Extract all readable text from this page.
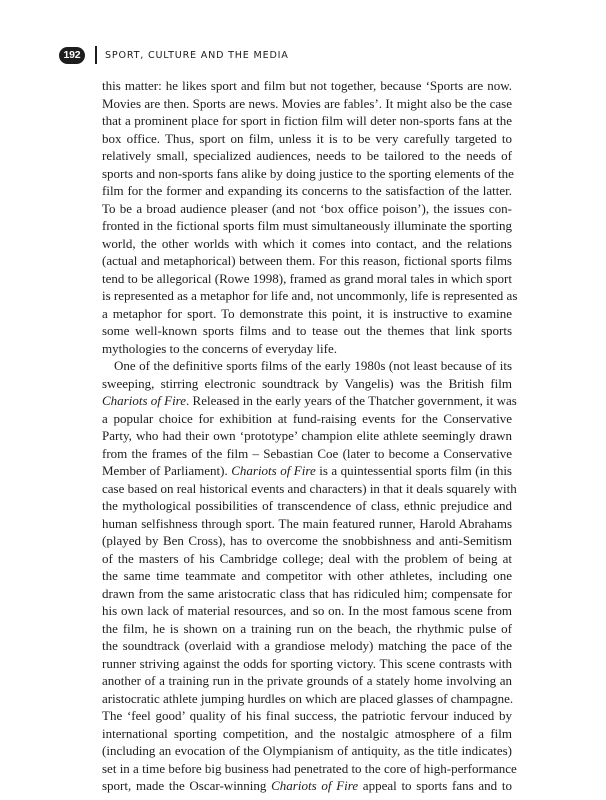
192	SPORT, CULTURE AND THE MEDIA
this matter: he likes sport and film but not together, because ‘Sports are now.
Movies are then. Sports are news. Movies are fables’. It might also be the case
that a prominent place for sport in fiction film will deter non-sports fans at the
box office. Thus, sport on film, unless it is to be very carefully targeted to
relatively small, specialized audiences, needs to be tailored to the needs of
sports and non-sports fans alike by doing justice to the sporting elements of the
film for the former and expanding its concerns to the satisfaction of the latter.
To be a broad audience pleaser (and not ‘box office poison’), the issues con-
fronted in the fictional sports film must simultaneously illuminate the sporting
world, the other worlds with which it comes into contact, and the relations
(actual and metaphorical) between them. For this reason, fictional sports films
tend to be allegorical (Rowe 1998), framed as grand moral tales in which sport
is represented as a metaphor for life and, not uncommonly, life is represented as
a metaphor for sport. To demonstrate this point, it is instructive to examine
some well-known sports films and to tease out the themes that link sports
mythologies to the concerns of everyday life.
One of the definitive sports films of the early 1980s (not least because of its
sweeping, stirring electronic soundtrack by Vangelis) was the British film
Chariots of Fire. Released in the early years of the Thatcher government, it was
a popular choice for exhibition at fund-raising events for the Conservative
Party, who had their own ‘prototype’ champion elite athlete seemingly drawn
from the frames of the film – Sebastian Coe (later to become a Conservative
Member of Parliament). Chariots of Fire is a quintessential sports film (in this
case based on real historical events and characters) in that it deals squarely with
the mythological possibilities of transcendence of class, ethnic prejudice and
human selfishness through sport. The main featured runner, Harold Abrahams
(played by Ben Cross), has to overcome the snobbishness and anti-Semitism
of the masters of his Cambridge college; deal with the problem of being at
the same time teammate and competitor with other athletes, including one
drawn from the same aristocratic class that has ridiculed him; compensate for
his own lack of material resources, and so on. In the most famous scene from
the film, he is shown on a training run on the beach, the rhythmic pulse of
the soundtrack (overlaid with a grandiose melody) matching the pace of the
runner striving against the odds for sporting victory. This scene contrasts with
another of a training run in the private grounds of a stately home involving an
aristocratic athlete jumping hurdles on which are placed glasses of champagne.
The ‘feel good’ quality of his final success, the patriotic fervour induced by
international sporting competition, and the nostalgic atmosphere of a film
(including an evocation of the Olympianism of antiquity, as the title indicates)
set in a time before big business had penetrated to the core of high-performance
sport, made the Oscar-winning Chariots of Fire appeal to sports fans and to
